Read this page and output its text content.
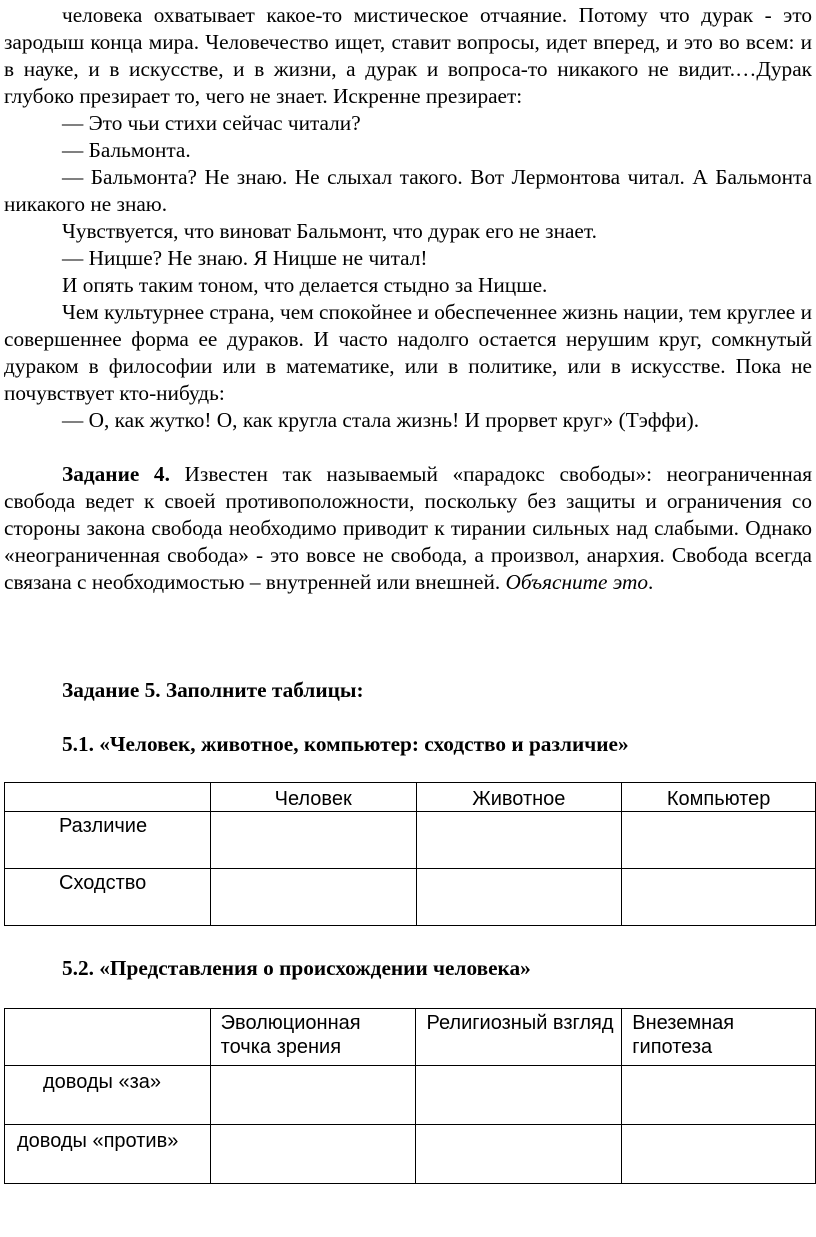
человека охватывает какое-то мистическое отчаяние. Потому что дурак - это зародыш конца мира. Человечество ищет, ставит вопросы, идет вперед, и это во всем: и в науке, и в искусстве, и в жизни, а дурак и вопроса-то никакого не видит.…Дурак глубоко презирает то, чего не знает. Искренне презирает:

— Это чьи стихи сейчас читали?

— Бальмонта.

— Бальмонта? Не знаю. Не слыхал такого. Вот Лермонтова читал. А Бальмонта никакого не знаю.

Чувствуется, что виноват Бальмонт, что дурак его не знает.

— Ницше? Не знаю. Я Ницше не читал!

И опять таким тоном, что делается стыдно за Ницше.

Чем культурнее страна, чем спокойнее и обеспеченнее жизнь нации, тем круглее и совершеннее форма ее дураков. И часто надолго остается нерушим круг, сомкнутый дураком в философии или в математике, или в политике, или в искусстве. Пока не почувствует кто-нибудь:

— О, как жутко! О, как кругла стала жизнь! И прорвет круг» (Тэффи).

Задание 4. Известен так называемый «парадокс свободы»: неограниченная свобода ведет к своей противоположности, поскольку без защиты и ограничения со стороны закона свобода необходимо приводит к тирании сильных над слабыми. Однако «неограниченная свобода» - это вовсе не свобода, а произвол, анархия. Свобода всегда связана с необходимостью – внутренней или внешней. Объясните это.

Задание 5. Заполните таблицы:

5.1. «Человек, животное, компьютер: сходство и различие»

	Человек	Животное	Компьютер
Различие			
Сходство			

5.2. «Представления о происхождении человека»

	Эволюционная точка зрения	Религиозный взгляд	Внеземная гипотеза
доводы «за»			
доводы «против»			
